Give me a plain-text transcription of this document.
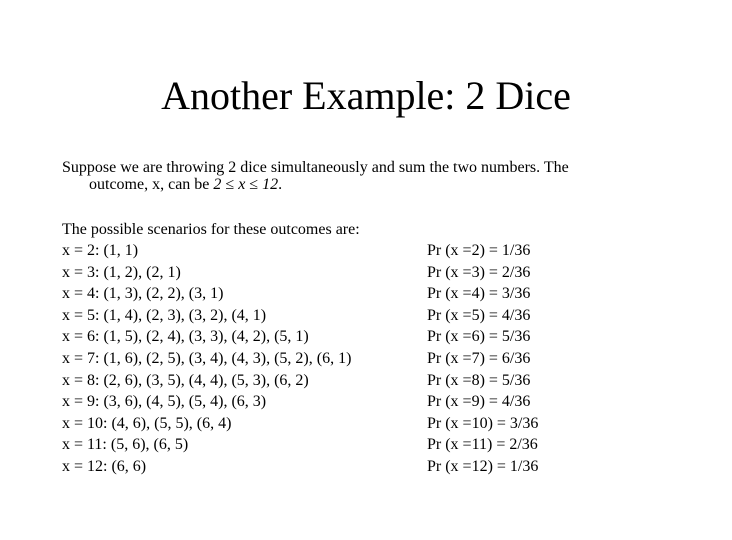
Another Example: 2 Dice
Suppose we are throwing 2 dice simultaneously and sum the two numbers. The
outcome, x, can be 2 ≤ x ≤ 12.
The possible scenarios for these outcomes are:
x = 2: (1, 1)
x = 3: (1, 2), (2, 1)
x = 4: (1, 3), (2, 2), (3, 1)
x = 5: (1, 4), (2, 3), (3, 2), (4, 1)
x = 6: (1, 5), (2, 4), (3, 3), (4, 2), (5, 1)
x = 7: (1, 6), (2, 5), (3, 4), (4, 3), (5, 2), (6, 1)
x = 8: (2, 6), (3, 5), (4, 4), (5, 3), (6, 2)
x = 9: (3, 6), (4, 5), (5, 4), (6, 3)
x = 10: (4, 6), (5, 5), (6, 4)
x = 11: (5, 6), (6, 5)
x = 12: (6, 6)
Pr (x =2) = 1/36
Pr (x =3) = 2/36
Pr (x =4) = 3/36
Pr (x =5) = 4/36
Pr (x =6) = 5/36
Pr (x =7) = 6/36
Pr (x =8) = 5/36
Pr (x =9) = 4/36
Pr (x =10) = 3/36
Pr (x =11) = 2/36
Pr (x =12) = 1/36
